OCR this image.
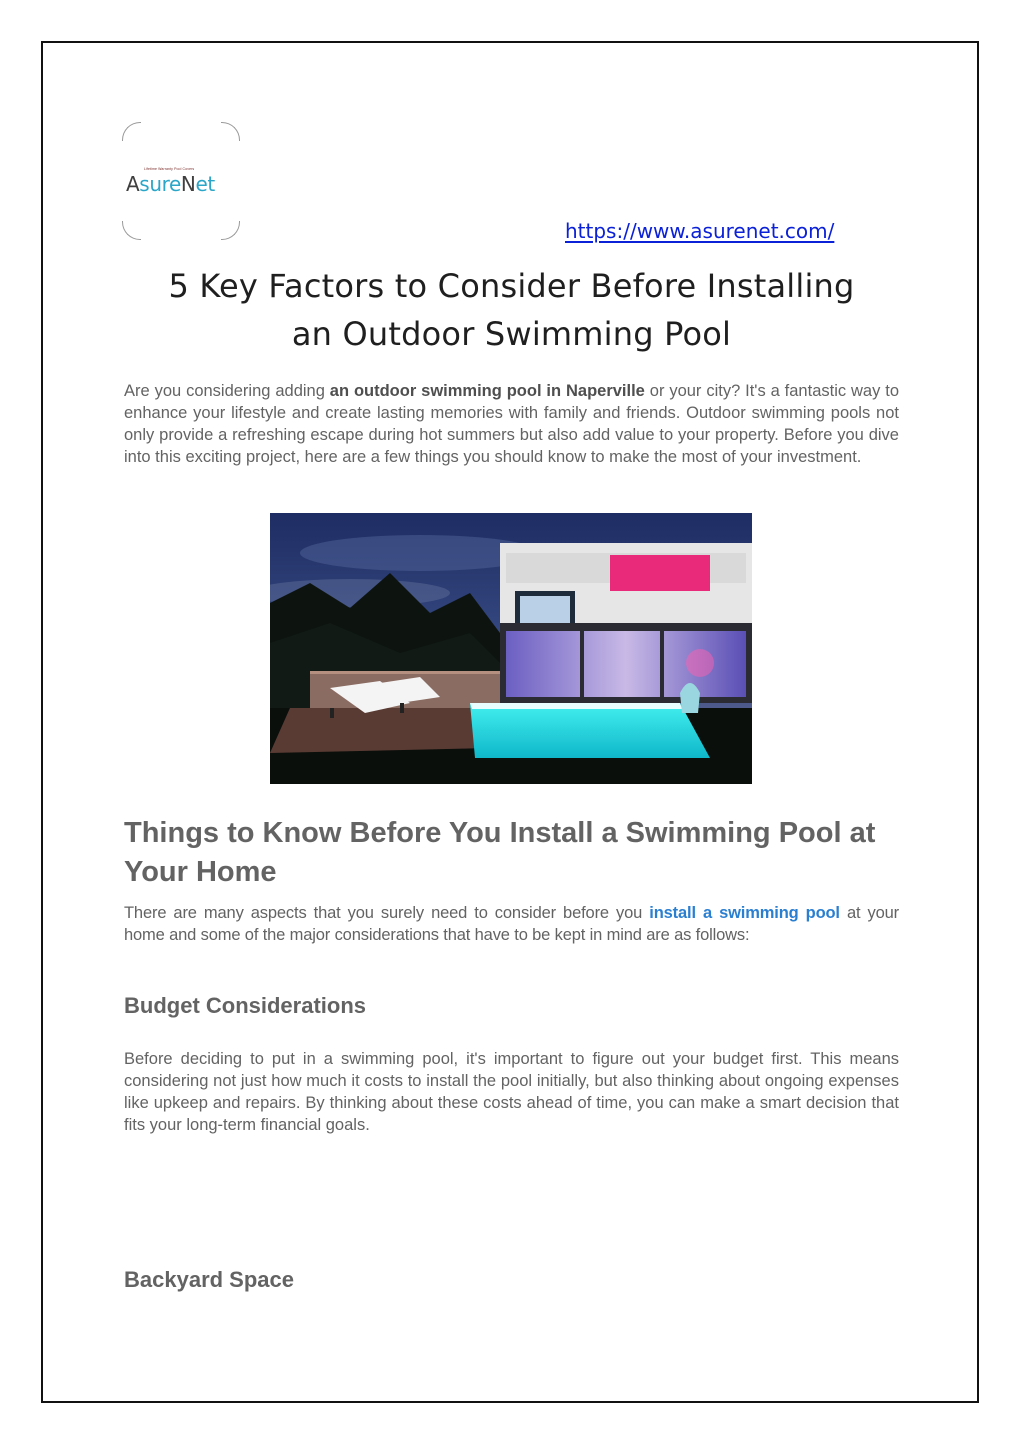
Lifetime Warranty Pool Covers
AsureNet
https://www.asurenet.com/
5 Key Factors to Consider Before Installing
an Outdoor Swimming Pool

Are you considering adding an outdoor swimming pool in Naperville or your city? It's a fantastic way to enhance your lifestyle and create lasting memories with family and friends. Outdoor swimming pools not only provide a refreshing escape during hot summers but also add value to your property. Before you dive into this exciting project, here are a few things you should know to make the most of your investment.

Things to Know Before You Install a Swimming Pool at Your Home

There are many aspects that you surely need to consider before you install a swimming pool at your home and some of the major considerations that have to be kept in mind are as follows:

Budget Considerations

Before deciding to put in a swimming pool, it's important to figure out your budget first. This means considering not just how much it costs to install the pool initially, but also thinking about ongoing expenses like upkeep and repairs. By thinking about these costs ahead of time, you can make a smart decision that fits your long-term financial goals.

Backyard Space
